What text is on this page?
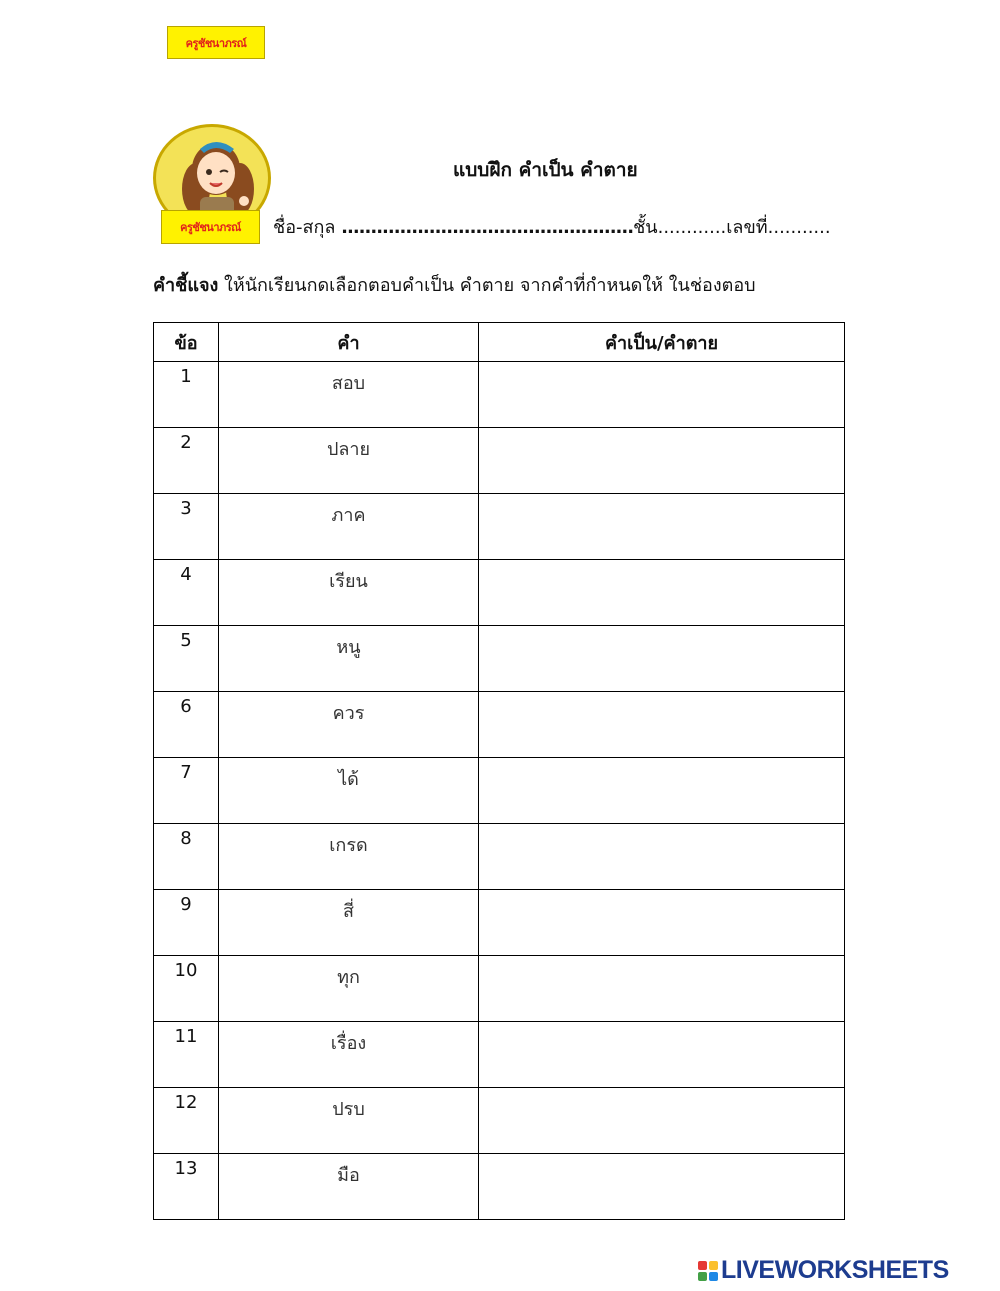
ครูชัชนาภรณ์
ครูชัชนาภรณ์
แบบฝึก คำเป็น คำตาย
ชื่อ-สกุล ..................................................ชั้น............เลขที่...........
คำชี้แจง ให้นักเรียนกดเลือกตอบคำเป็น คำตาย จากคำที่กำหนดให้ ในช่องตอบ
ข้อ	คำ	คำเป็น/คำตาย
1	สอบ	
2	ปลาย	
3	ภาค	
4	เรียน	
5	หนู	
6	ควร	
7	ได้	
8	เกรด	
9	สี่	
10	ทุก	
11	เรื่อง	
12	ปรบ	
13	มือ	
LIVEWORKSHEETS
